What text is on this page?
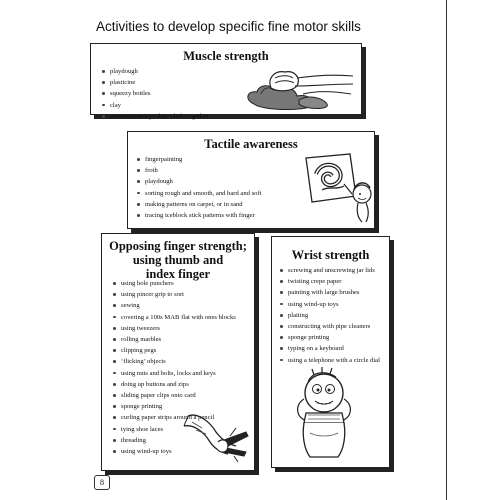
Activities to develop specific fine motor skills
Muscle strength
playdough
plasticine
squeezy bottles
clay
construction toys that ‘click’ together
Tactile awareness
fingerpainting
froth
playdough
sorting rough and smooth, and hard and soft
making patterns on carpet, or in sand
tracing iceblock stick patterns with finger
Opposing finger strength;
using thumb and
index finger
using hole punchers
using pincer grip to sort
sewing
covering a 100s MAB flat with ones blocks
using tweezers
rolling marbles
clipping pegs
‘flicking’ objects
using nuts and bolts, locks and keys
doing up buttons and zips
sliding paper clips onto card
sponge printing
curling paper strips around a pencil
tying shoe laces
threading
using wind-up toys
Wrist strength
screwing and unscrewing jar lids
twisting crepe paper
painting with large brushes
using wind-up toys
plaiting
constructing with pipe cleaners
sponge printing
typing on a keyboard
using a telephone with a circle dial
8
